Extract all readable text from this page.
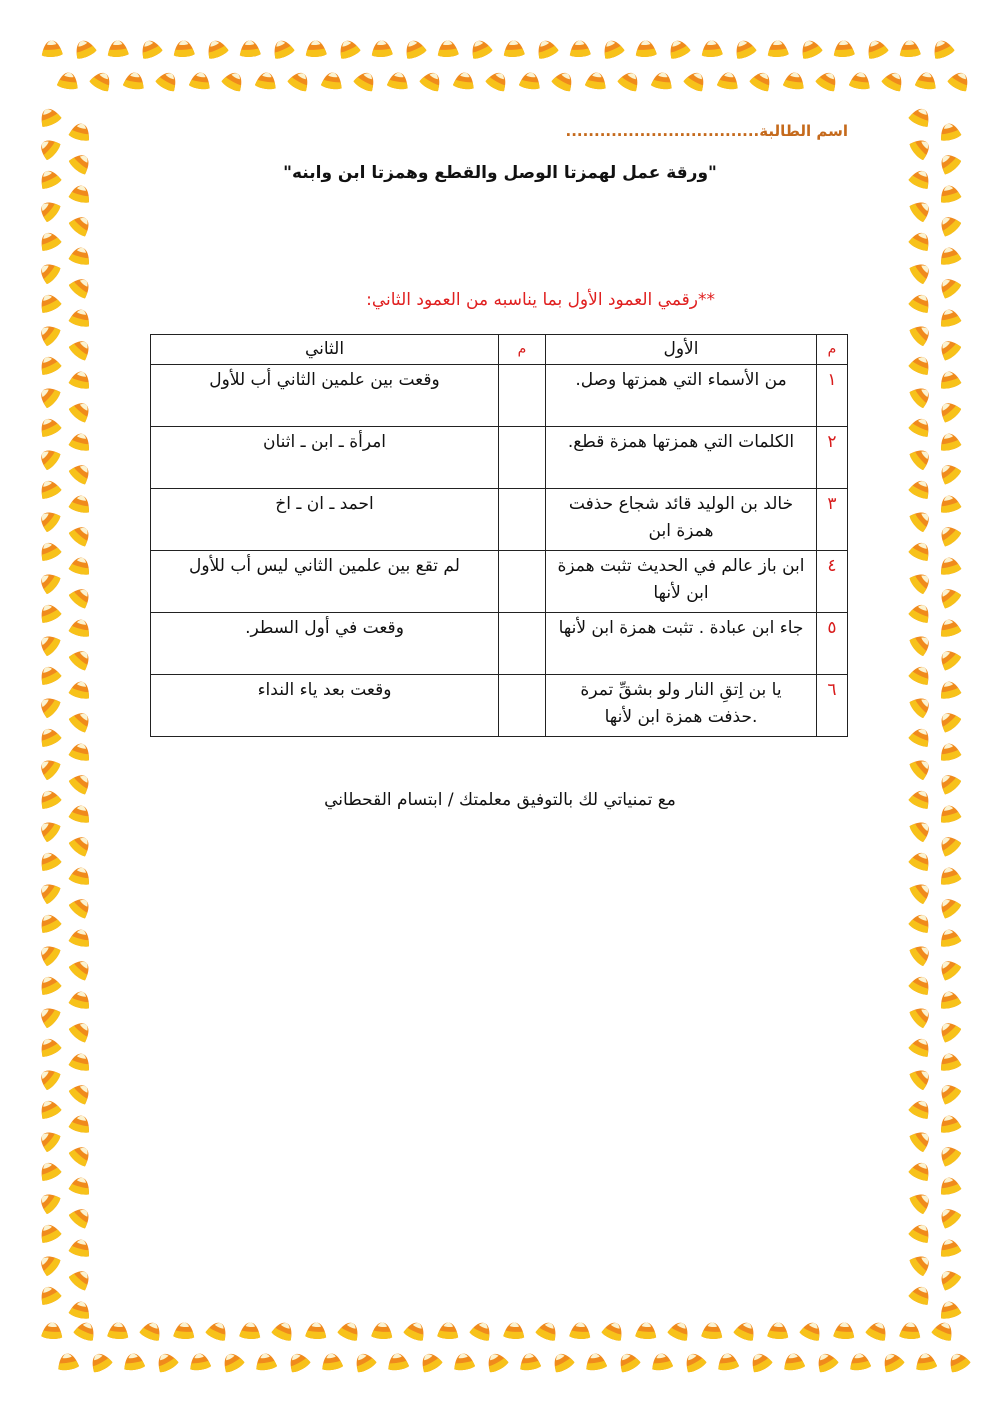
اسم الطالبة..................................
"ورقة عمل لهمزتا الوصل والقطع وهمزتا ابن وابنه"
**رقمي العمود الأول بما يناسبه من العمود الثاني:
م	الأول	م	الثاني
١	من الأسماء التي همزتها وصل.		وقعت بين علمين الثاني أب للأول
٢	الكلمات التي همزتها همزة قطع.		امرأة ـ ابن ـ اثنان
٣	خالد بن الوليد قائد شجاع حذفت همزة ابن		احمد ـ ان ـ اخ
٤	ابن باز عالم في الحديث تثبت همزة ابن لأنها		لم تقع بين علمين الثاني ليس أب للأول
٥	جاء ابن عبادة . تثبت همزة ابن لأنها		وقعت في أول السطر.
٦	يا بن اِتقِ النار ولو بشقِّ تمرة .حذفت همزة ابن لأنها		وقعت بعد ياء النداء
مع تمنياتي لك بالتوفيق معلمتك / ابتسام القحطاني
